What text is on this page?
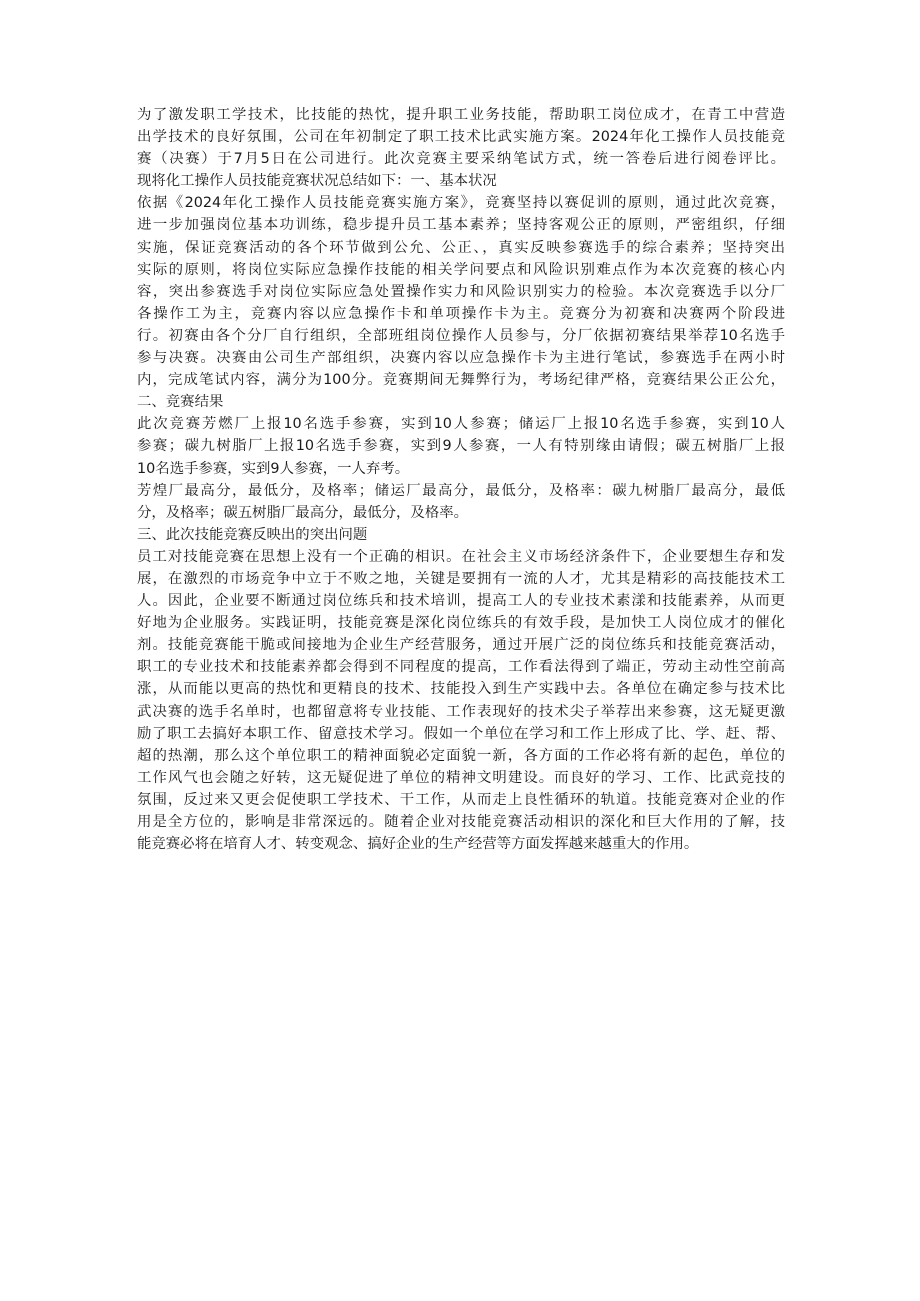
为了激发职工学技术，比技能的热忱，提升职工业务技能，帮助职工岗位成才，在青工中营造
出学技术的良好氛围，公司在年初制定了职工技术比武实施方案。2024年化工操作人员技能竞
赛（决赛）于7月5日在公司进行。此次竞赛主要采纳笔试方式，统一答卷后进行阅卷评比。
现将化工操作人员技能竞赛状况总结如下：一、基本状况
依据《2024年化工操作人员技能竞赛实施方案》，竞赛坚持以赛促训的原则，通过此次竞赛，
进一步加强岗位基本功训练，稳步提升员工基本素养；坚持客观公正的原则，严密组织，仔细
实施，保证竞赛活动的各个环节做到公允、公正、，真实反映参赛选手的综合素养；坚持突出
实际的原则，将岗位实际应急操作技能的相关学问要点和风险识别难点作为本次竞赛的核心内
容，突出参赛选手对岗位实际应急处置操作实力和风险识别实力的检验。本次竞赛选手以分厂
各操作工为主，竞赛内容以应急操作卡和单项操作卡为主。竞赛分为初赛和决赛两个阶段进
行。初赛由各个分厂自行组织，全部班组岗位操作人员参与，分厂依据初赛结果举荐10名选手
参与决赛。决赛由公司生产部组织，决赛内容以应急操作卡为主进行笔试，参赛选手在两小时
内，完成笔试内容，满分为100分。竞赛期间无舞弊行为，考场纪律严格，竞赛结果公正公允，
二、竞赛结果
此次竞赛芳燃厂上报10名选手参赛，实到10人参赛；储运厂上报10名选手参赛，实到10人
参赛；碳九树脂厂上报10名选手参赛，实到9人参赛，一人有特别缘由请假；碳五树脂厂上报
10名选手参赛，实到9人参赛，一人弃考。
芳煌厂最高分，最低分，及格率；储运厂最高分，最低分，及格率：碳九树脂厂最高分，最低
分，及格率；碳五树脂厂最高分，最低分，及格率。
三、此次技能竞赛反映出的突出问题
员工对技能竞赛在思想上没有一个正确的相识。在社会主义市场经济条件下，企业要想生存和发
展，在激烈的市场竞争中立于不败之地，关键是要拥有一流的人才，尤其是精彩的高技能技术工
人。因此，企业要不断通过岗位练兵和技术培训，提高工人的专业技术素漾和技能素养，从而更
好地为企业服务。实践证明，技能竞赛是深化岗位练兵的有效手段，是加快工人岗位成才的催化
剂。技能竞赛能干脆或间接地为企业生产经营服务，通过开展广泛的岗位练兵和技能竞赛活动，
职工的专业技术和技能素养都会得到不同程度的提高，工作看法得到了端正，劳动主动性空前高
涨，从而能以更高的热忱和更精良的技术、技能投入到生产实践中去。各单位在确定参与技术比
武决赛的选手名单时，也都留意将专业技能、工作表现好的技术尖子举荐出来参赛，这无疑更激
励了职工去搞好本职工作、留意技术学习。假如一个单位在学习和工作上形成了比、学、赶、帮、
超的热潮，那么这个单位职工的精神面貌必定面貌一新，各方面的工作必将有新的起色，单位的
工作风气也会随之好转，这无疑促进了单位的精神文明建设。而良好的学习、工作、比武竞技的
氛围，反过来又更会促使职工学技术、干工作，从而走上良性循环的轨道。技能竞赛对企业的作
用是全方位的，影响是非常深远的。随着企业对技能竞赛活动相识的深化和巨大作用的了解，技
能竞赛必将在培育人才、转变观念、搞好企业的生产经营等方面发挥越来越重大的作用。
